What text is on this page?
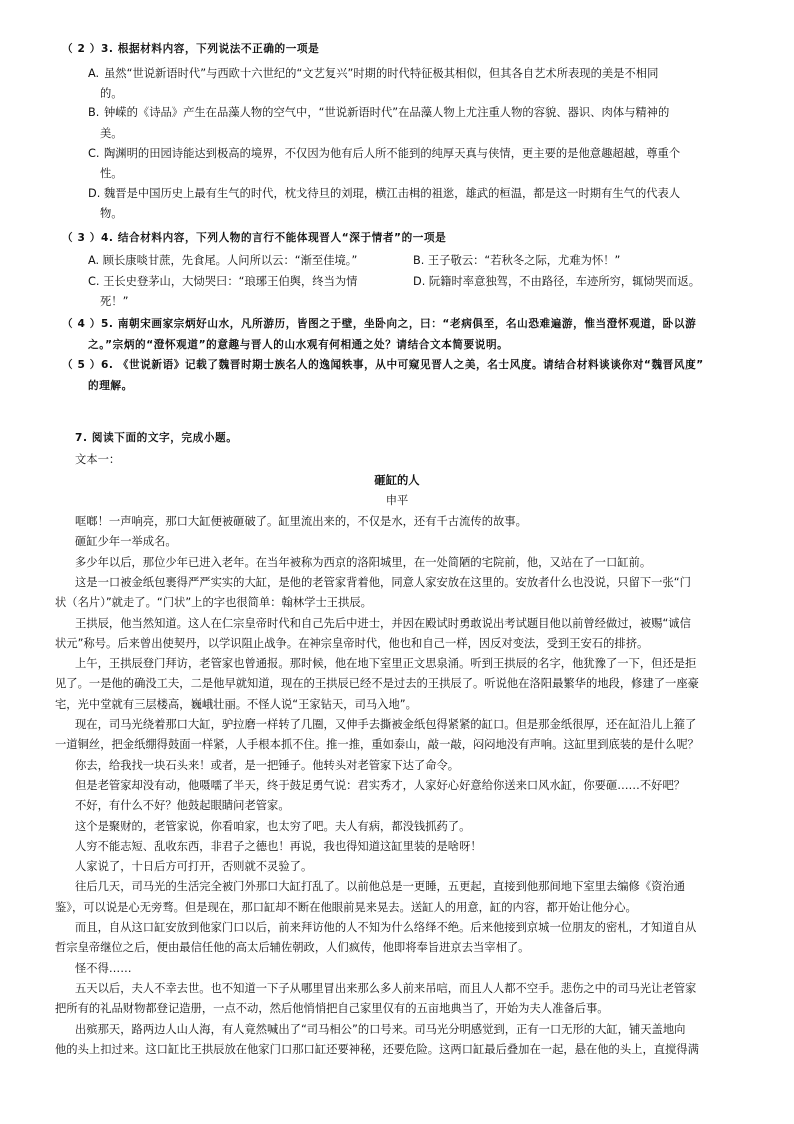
（ 2 ）3. 根据材料内容，下列说法不正确的一项是
A. 虽然“世说新语时代”与西欧十六世纪的“文艺复兴”时期的时代特征极其相似，但其各自艺术所表现的美是不相同
的。
B. 钟嵘的《诗品》产生在品藻人物的空气中，“世说新语时代”在品藻人物上尤注重人物的容貌、器识、肉体与精神的
美。
C. 陶渊明的田园诗能达到极高的境界，不仅因为他有后人所不能到的纯厚天真与侠情，更主要的是他意趣超越，尊重个
性。
D. 魏晋是中国历史上最有生气的时代，枕戈待旦的刘琨，横江击楫的祖逖，雄武的桓温，都是这一时期有生气的代表人
物。
（ 3 ）4. 结合材料内容，下列人物的言行不能体现晋人“深于情者”的一项是
A. 顾长康啖甘蔗，先食尾。人问所以云：“渐至佳境。”	B. 王子敬云：“若秋冬之际，尤难为怀！”
C. 王长史登茅山，大恸哭曰：“琅琊王伯舆，终当为情	D. 阮籍时率意独驾，不由路径，车迹所穷，辄恸哭而返。
死！”
（ 4 ）5. 南朝宋画家宗炳好山水，凡所游历，皆图之于壁，坐卧向之，曰：“老病俱至，名山恐难遍游，惟当澄怀观道，卧以游
之。”宗炳的“澄怀观道”的意趣与晋人的山水观有何相通之处？请结合文本简要说明。
（ 5 ）6. 《世说新语》记载了魏晋时期士族名人的逸闻轶事，从中可窥见晋人之美，名士风度。请结合材料谈谈你对“魏晋风度”
的理解。
7. 阅读下面的文字，完成小题。
文本一：
砸缸的人
申平
哐啷！一声响亮，那口大缸便被砸破了。缸里流出来的，不仅是水，还有千古流传的故事。
砸缸少年一举成名。
多少年以后，那位少年已进入老年。在当年被称为西京的洛阳城里，在一处简陋的宅院前，他，又站在了一口缸前。
这是一口被金纸包裹得严严实实的大缸，是他的老管家背着他，同意人家安放在这里的。安放者什么也没说，只留下一张“门
状（名片）”就走了。“门状”上的字也很简单：翰林学士王拱辰。
王拱辰，他当然知道。这人在仁宗皇帝时代和自己先后中进士，并因在殿试时勇敢说出考试题目他以前曾经做过，被赐“诚信
状元”称号。后来曾出使契丹，以学识阻止战争。在神宗皇帝时代，他也和自己一样，因反对变法，受到王安石的排挤。
上午，王拱辰登门拜访，老管家也曾通报。那时候，他在地下室里正文思泉涌。听到王拱辰的名字，他犹豫了一下，但还是拒
见了。一是他的确没工夫，二是他早就知道，现在的王拱辰已经不是过去的王拱辰了。听说他在洛阳最繁华的地段，修建了一座豪
宅，光中堂就有三层楼高，巍峨壮丽。不怪人说“王家钻天，司马入地”。
现在，司马光绕着那口大缸，驴拉磨一样转了几圈，又伸手去撕被金纸包得紧紧的缸口。但是那金纸很厚，还在缸沿儿上箍了
一道铜丝，把金纸绷得鼓面一样紧，人手根本抓不住。推一推，重如泰山，敲一敲，闷闷地没有声响。这缸里到底装的是什么呢？
你去，给我找一块石头来！或者，是一把锤子。他转头对老管家下达了命令。
但是老管家却没有动，他嗫嚅了半天，终于鼓足勇气说：君实秀才，人家好心好意给你送来口风水缸，你要砸……不好吧？
不好，有什么不好？他鼓起眼睛问老管家。
这个是聚财的，老管家说，你看咱家，也太穷了吧。夫人有病，都没钱抓药了。
人穷不能志短、乱收东西，非君子之德也！再说，我也得知道这缸里装的是啥呀！
人家说了，十日后方可打开，否则就不灵验了。
往后几天，司马光的生活完全被门外那口大缸打乱了。以前他总是一更睡，五更起，直接到他那间地下室里去编修《资治通
鉴》，可以说是心无旁骛。但是现在，那口缸却不断在他眼前晃来晃去。送缸人的用意，缸的内容，都开始让他分心。
而且，自从这口缸安放到他家门口以后，前来拜访他的人不知为什么络绎不绝。后来他接到京城一位朋友的密札，才知道自从
哲宗皇帝继位之后，便由最信任他的高太后辅佐朝政，人们疯传，他即将奉旨进京去当宰相了。
怪不得……
五天以后，夫人不幸去世。也不知道一下子从哪里冒出来那么多人前来吊唁，而且人人都不空手。悲伤之中的司马光让老管家
把所有的礼品财物都登记造册，一点不动，然后他悄悄把自己家里仅有的五亩地典当了，开始为夫人准备后事。
出殡那天，路两边人山人海，有人竟然喊出了“司马相公”的口号来。司马光分明感觉到，正有一口无形的大缸，铺天盖地向
他的头上扣过来。这口缸比王拱辰放在他家门口那口缸还要神秘，还要危险。这两口缸最后叠加在一起，悬在他的头上，直搅得满
